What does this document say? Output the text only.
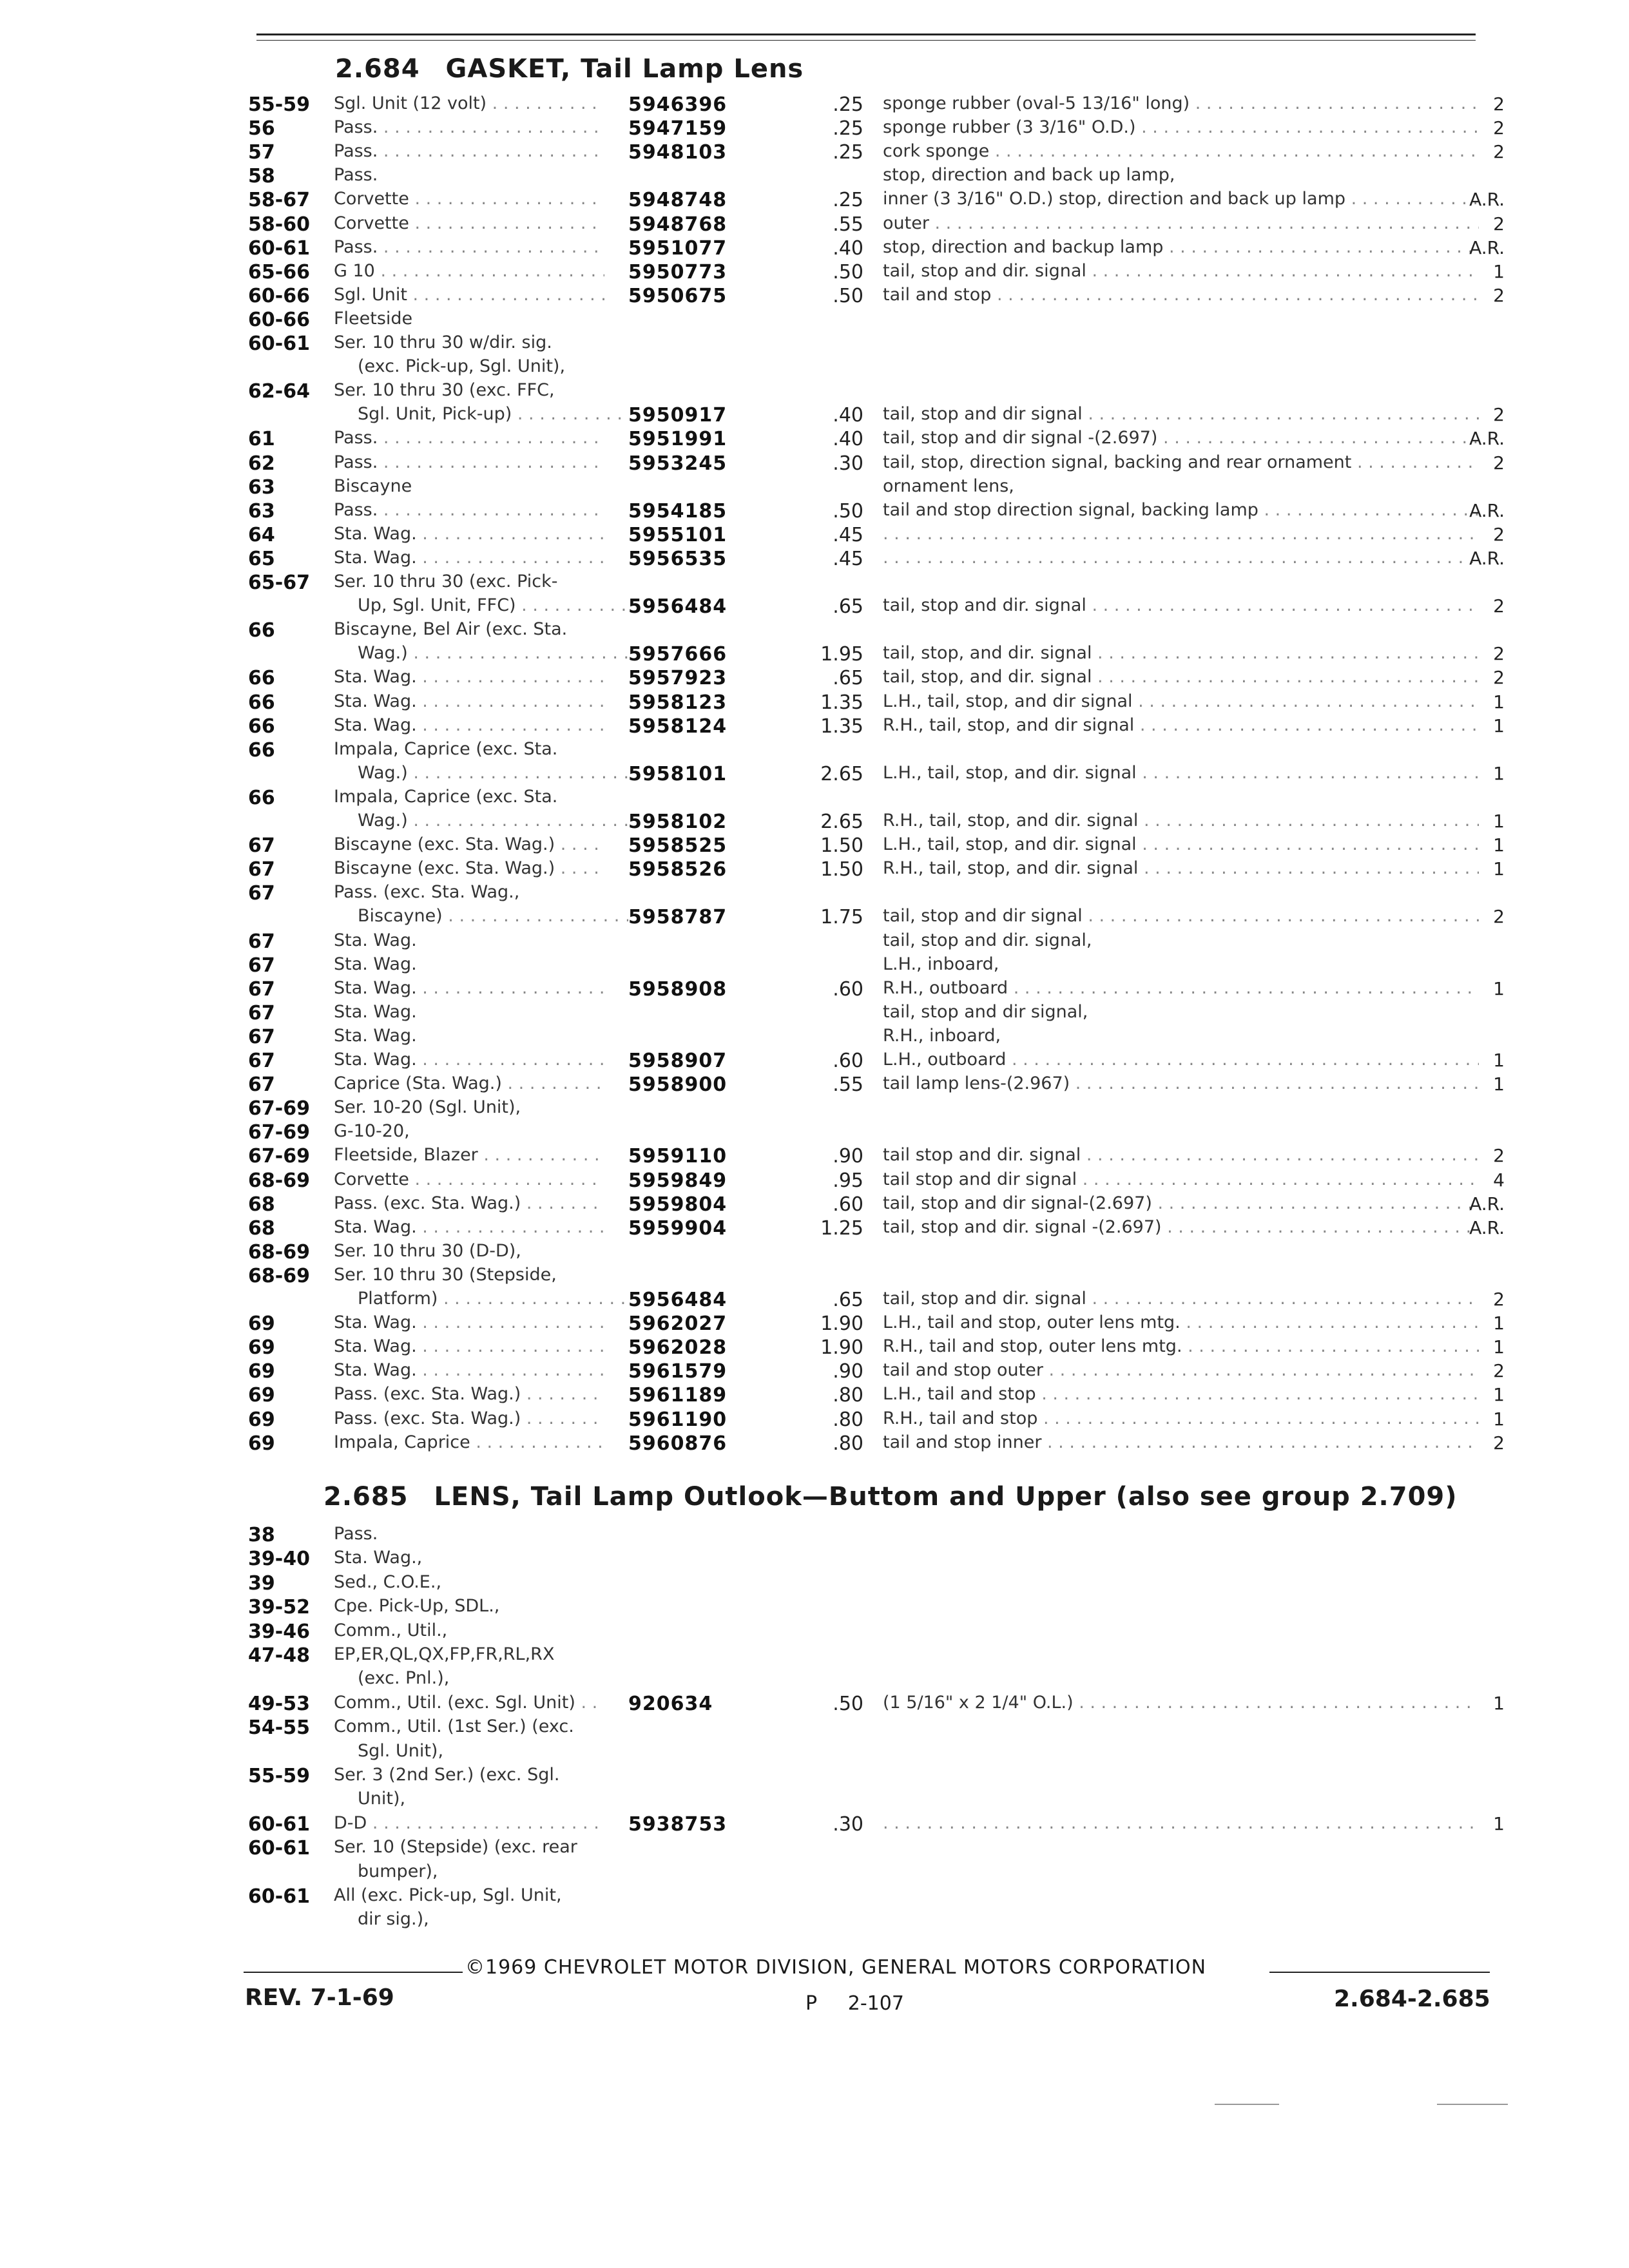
2.684 GASKET, Tail Lamp Lens
55-59 Sgl. Unit (12 volt) . . .	5946396	.25 sponge rubber (oval-5 13/16" long) . . .	2
56	Pass. . . .	5947159	.25 sponge rubber (3 3/16" O.D.) . . .	2
57	Pass. . . .	5948103	.25 cork sponge . . .	2
58	Pass.	stop, direction and back up lamp,
58-67 Corvette . . .	5948748	.25 inner (3 3/16" O.D.) stop, direction and back up lamp . . .	A.R.
58-60 Corvette . . .	5948768	.55 outer . . .	2
60-61 Pass. . . .	5951077	.40 stop, direction and backup lamp . . .	A.R.
65-66 G 10 . . .	5950773	.50 tail, stop and dir. signal . . .	1
60-66 Sgl. Unit . . .	5950675	.50 tail and stop . . .	2
60-66 Fleetside
60-61 Ser. 10 thru 30 w/dir. sig.
(exc. Pick-up, Sgl. Unit),
62-64 Ser. 10 thru 30 (exc. FFC,
Sgl. Unit, Pick-up) . . .	5950917	.40 tail, stop and dir signal . . .	2
61	Pass. . . .	5951991	.40 tail, stop and dir signal -(2.697) . . .	A.R.
62	Pass. . . .	5953245	.30 tail, stop, direction signal, backing and rear ornament . . .	2
63	Biscayne	ornament lens,
63	Pass. . . .	5954185	.50 tail and stop direction signal, backing lamp . . .	A.R.
64	Sta. Wag. . . .	5955101	.45 . . .	2
65	Sta. Wag. . . .	5956535	.45 . . .	A.R.
65-67 Ser. 10 thru 30 (exc. Pick-
Up, Sgl. Unit, FFC) . . .	5956484	.65 tail, stop and dir. signal . . .	2
66	Biscayne, Bel Air (exc. Sta.
Wag.) . . .	5957666	1.95 tail, stop, and dir. signal . . .	2
66	Sta. Wag. . . .	5957923	.65 tail, stop, and dir. signal . . .	2
66	Sta. Wag. . . .	5958123	1.35 L.H., tail, stop, and dir signal . . .	1
66	Sta. Wag. . . .	5958124	1.35 R.H., tail, stop, and dir signal . . .	1
66	Impala, Caprice (exc. Sta.
Wag.) . . .	5958101	2.65 L.H., tail, stop, and dir. signal . . .	1
66	Impala, Caprice (exc. Sta.
Wag.) . . .	5958102	2.65 R.H., tail, stop, and dir. signal . . .	1
67	Biscayne (exc. Sta. Wag.) . . .	5958525	1.50 L.H., tail, stop, and dir. signal . . .	1
67	Biscayne (exc. Sta. Wag.) . . .	5958526	1.50 R.H., tail, stop, and dir. signal . . .	1
67	Pass. (exc. Sta. Wag.,
Biscayne) . . .	5958787	1.75 tail, stop and dir signal . . .	2
67	Sta. Wag.	tail, stop and dir. signal,
67	Sta. Wag.	L.H., inboard,
67	Sta. Wag. . . .	5958908	.60 R.H., outboard . . .	1
67	Sta. Wag.	tail, stop and dir signal,
67	Sta. Wag.	R.H., inboard,
67	Sta. Wag. . . .	5958907	.60 L.H., outboard . . .	1
67	Caprice (Sta. Wag.) . . .	5958900	.55 tail lamp lens-(2.967) . . .	1
67-69 Ser. 10-20 (Sgl. Unit),
67-69 G-10-20,
67-69 Fleetside, Blazer . . .	5959110	.90 tail stop and dir. signal . . .	2
68-69 Corvette . . .	5959849	.95 tail stop and dir signal . . .	4
68	Pass. (exc. Sta. Wag.) . . .	5959804	.60 tail, stop and dir signal-(2.697) . . .	A.R.
68	Sta. Wag. . . .	5959904	1.25 tail, stop and dir. signal -(2.697) . . .	A.R.
68-69 Ser. 10 thru 30 (D-D),
68-69 Ser. 10 thru 30 (Stepside,
Platform) . . .	5956484	.65 tail, stop and dir. signal . . .	2
69	Sta. Wag. . . .	5962027	1.90 L.H., tail and stop, outer lens mtg. . . .	1
69	Sta. Wag. . . .	5962028	1.90 R.H., tail and stop, outer lens mtg. . . .	1
69	Sta. Wag. . . .	5961579	.90 tail and stop outer . . .	2
69	Pass. (exc. Sta. Wag.) . . .	5961189	.80 L.H., tail and stop . . .	1
69	Pass. (exc. Sta. Wag.) . . .	5961190	.80 R.H., tail and stop . . .	1
69	Impala, Caprice . . .	5960876	.80 tail and stop inner . . .	2
2.685 LENS, Tail Lamp Outlook—Buttom and Upper (also see group 2.709)
38	Pass.
39-40 Sta. Wag.,
39	Sed., C.O.E.,
39-52 Cpe. Pick-Up, SDL.,
39-46 Comm., Util.,
47-48 EP,ER,QL,QX,FP,FR,RL,RX
(exc. Pnl.),
49-53 Comm., Util. (exc. Sgl. Unit) . . .	920634	.50 (1 5/16" x 2 1/4" O.L.) . . .	1
54-55 Comm., Util. (1st Ser.) (exc.
Sgl. Unit),
55-59 Ser. 3 (2nd Ser.) (exc. Sgl.
Unit),
60-61 D-D . . .	5938753	.30 . . .	1
60-61 Ser. 10 (Stepside) (exc. rear
bumper),
60-61 All (exc. Pick-up, Sgl. Unit,
dir sig.),
©1969 CHEVROLET MOTOR DIVISION, GENERAL MOTORS CORPORATION
REV. 7-1-69	P     2-107	2.684-2.685
